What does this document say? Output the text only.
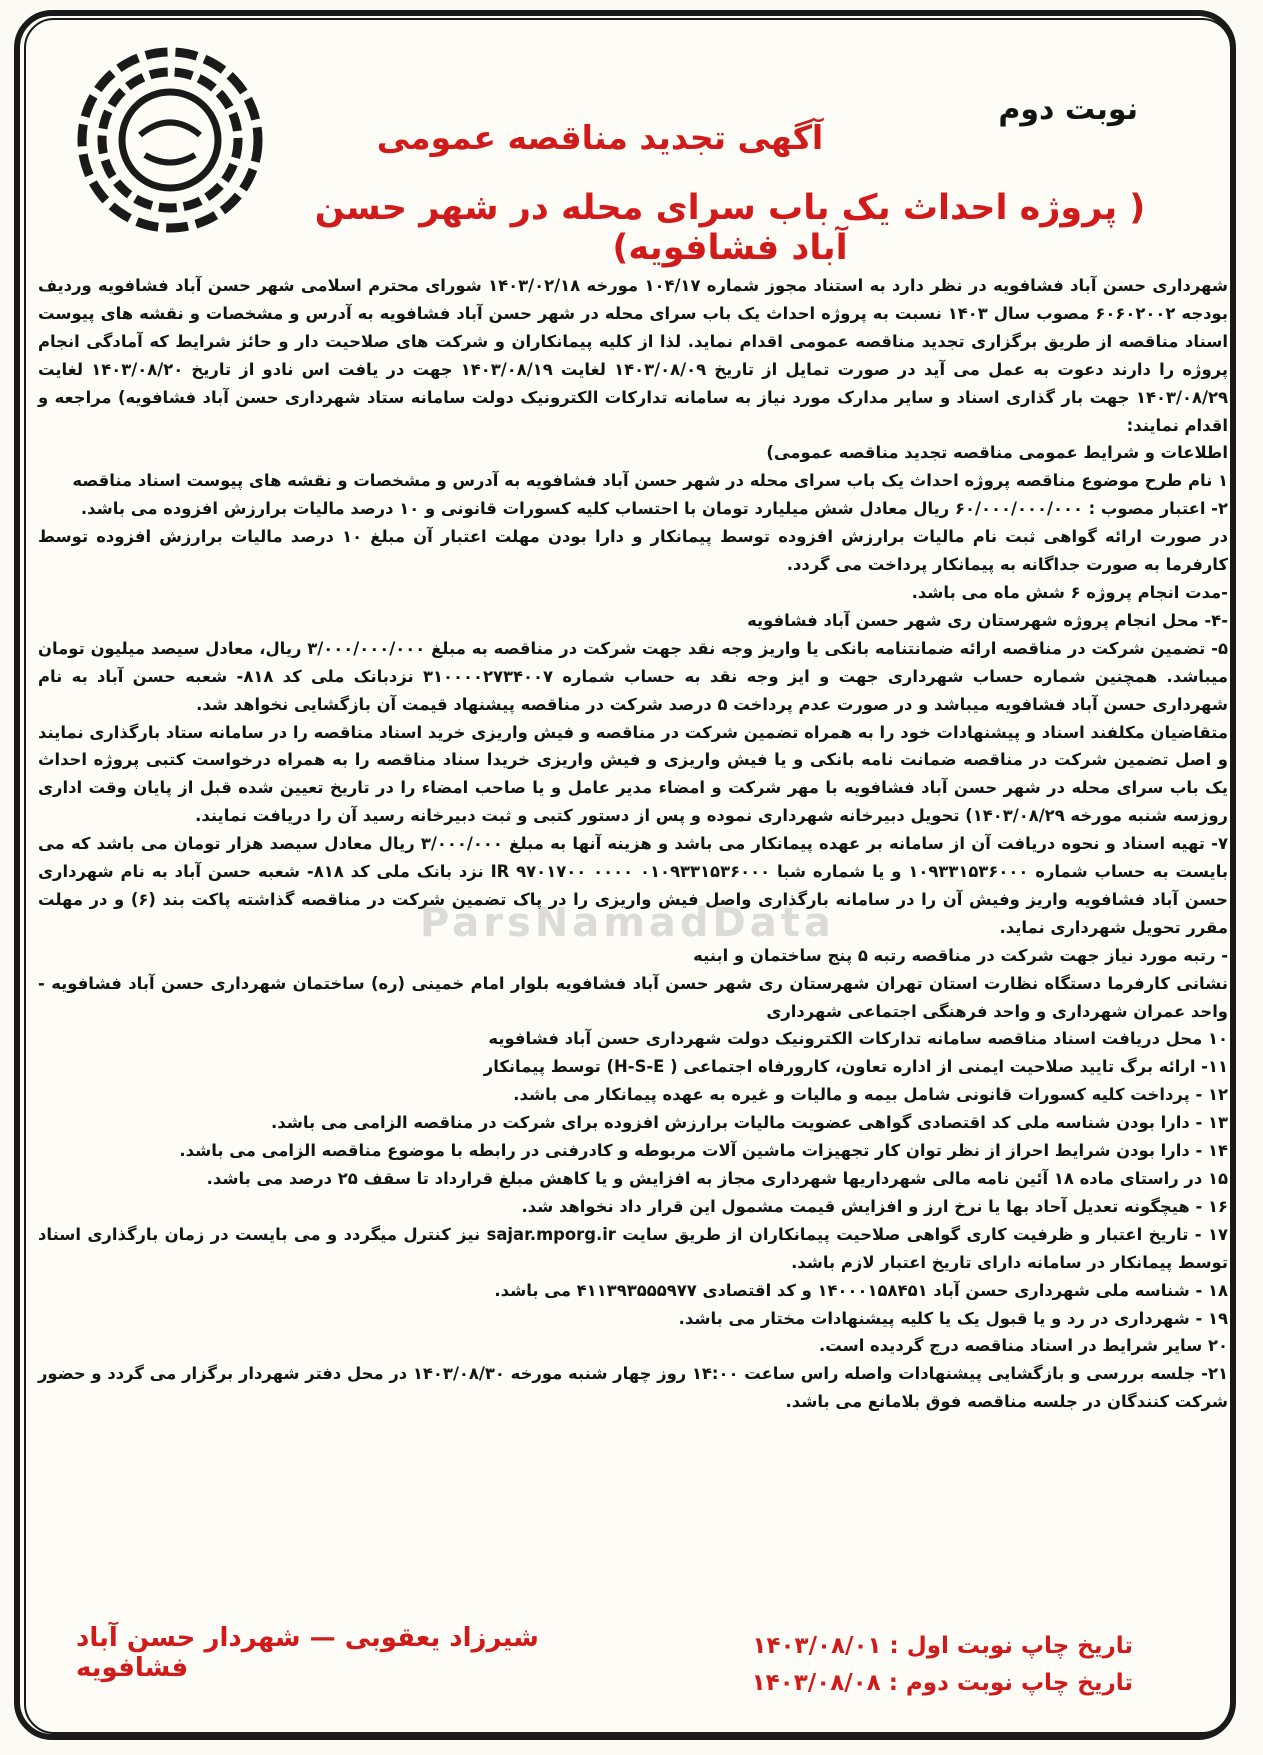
نوبت دوم
آگهی تجدید مناقصه عمومی
( پروژه احداث یک باب سرای محله در شهر حسن آباد فشافویه)

شهرداری حسن آباد فشافویه در نظر دارد به استناد مجوز شماره ۱۰۴/۱۷ مورخه ۱۴۰۳/۰۲/۱۸ شورای محترم اسلامی شهر حسن آباد فشافویه وردیف بودجه ۶۰۶۰۲۰۰۲ مصوب سال ۱۴۰۳ نسبت به پروژه احداث یک باب سرای محله در شهر حسن آباد فشافویه به آدرس و مشخصات و نقشه های پیوست اسناد مناقصه از طریق برگزاری تجدید مناقصه عمومی اقدام نماید. لذا از کلیه پیمانکاران و شرکت های صلاحیت دار و حائز شرایط که آمادگی انجام پروژه را دارند دعوت به عمل می آید در صورت تمایل از تاریخ ۱۴۰۳/۰۸/۰۹ لغایت ۱۴۰۳/۰۸/۱۹ جهت در یافت اس نادو از تاریخ ۱۴۰۳/۰۸/۲۰ لغایت ۱۴۰۳/۰۸/۲۹ جهت بار گذاری اسناد و سایر مدارک مورد نیاز به سامانه تدارکات الکترونیک دولت سامانه ستاد شهرداری حسن آباد فشافویه) مراجعه و اقدام نمایند:

اطلاعات و شرایط عمومی مناقصه تجدید مناقصه عمومی)

۱ نام طرح موضوع مناقصه پروژه احداث یک باب سرای محله در شهر حسن آباد فشافویه به آدرس و مشخصات و نقشه های پیوست اسناد مناقصه

۲- اعتبار مصوب : ۶۰/۰۰۰/۰۰۰/۰۰۰ ریال معادل شش میلیارد تومان با احتساب کلیه کسورات قانونی و ۱۰ درصد مالیات برارزش افزوده می باشد.

در صورت ارائه گواهی ثبت نام مالیات برارزش افزوده توسط پیمانکار و دارا بودن مهلت اعتبار آن مبلغ ۱۰ درصد مالیات برارزش افزوده توسط کارفرما به صورت جداگانه به پیمانکار پرداخت می گردد.

-مدت انجام پروژه ۶ شش ماه می باشد.

-۴- محل انجام پروژه شهرستان ری شهر حسن آباد فشافویه

۵- تضمین شرکت در مناقصه ارائه ضمانتنامه بانکی یا واریز وجه نقد جهت شرکت در مناقصه به مبلغ ۳/۰۰۰/۰۰۰/۰۰۰ ریال، معادل سیصد میلیون تومان میباشد. همچنین شماره حساب شهرداری جهت و ایز وجه نقد به حساب شماره ۳۱۰۰۰۰۲۷۳۴۰۰۷ نزدبانک ملی کد ۸۱۸- شعبه حسن آباد به نام شهرداری حسن آباد فشافویه میباشد و در صورت عدم پرداخت ۵ درصد شرکت در مناقصه پیشنهاد قیمت آن بازگشایی نخواهد شد.

متقاضیان مکلفند اسناد و پیشنهادات خود را به همراه تضمین شرکت در مناقصه و فیش واریزی خرید اسناد مناقصه را در سامانه ستاد بارگذاری نمایند و اصل تضمین شرکت در مناقصه ضمانت نامه بانکی و یا فیش واریزی و فیش واریزی خریدا سناد مناقصه را به همراه درخواست کتبی پروژه احداث یک باب سرای محله در شهر حسن آباد فشافویه با مهر شرکت و امضاء مدیر عامل و یا صاحب امضاء را در تاریخ تعیین شده قبل از پایان وقت اداری روزسه شنبه مورخه ۱۴۰۳/۰۸/۲۹) تحویل دبیرخانه شهرداری نموده و پس از دستور کتبی و ثبت دبیرخانه رسید آن را دریافت نمایند.

۷- تهیه اسناد و نحوه دریافت آن از سامانه بر عهده پیمانکار می باشد و هزینه آنها به مبلغ ۳/۰۰۰/۰۰۰ ریال معادل سیصد هزار تومان می باشد که می بایست به حساب شماره ۱۰۹۳۳۱۵۳۶۰۰۰ و یا شماره شبا ۰۱۰۹۳۳۱۵۳۶۰۰۰ ۰۰۰۰ IR ۹۷۰۱۷۰۰ نزد بانک ملی کد ۸۱۸- شعبه حسن آباد به نام شهرداری حسن آباد فشافویه واریز وفیش آن را در سامانه بارگذاری واصل فیش واریزی را در پاک تضمین شرکت در مناقصه گذاشته پاکت بند (۶) و در مهلت مقرر تحویل شهرداری نماید.

- رتبه مورد نیاز جهت شرکت در مناقصه رتبه ۵ پنج ساختمان و ابنیه

نشانی کارفرما دستگاه نظارت استان تهران شهرستان ری شهر حسن آباد فشافویه بلوار امام خمینی (ره) ساختمان شهرداری حسن آباد فشافویه - واحد عمران شهرداری و واحد فرهنگی اجتماعی شهرداری

۱۰ محل دریافت اسناد مناقصه سامانه تدارکات الکترونیک دولت شهرداری حسن آباد فشافویه

۱۱- ارائه برگ تایید صلاحیت ایمنی از اداره تعاون، کارورفاه اجتماعی ( H-S-E) توسط پیمانکار

۱۲ - پرداخت کلیه کسورات قانونی شامل بیمه و مالیات و غیره به عهده پیمانکار می باشد.

۱۳ - دارا بودن شناسه ملی کد اقتصادی گواهی عضویت مالیات برارزش افزوده برای شرکت در مناقصه الزامی می باشد.

۱۴ - دارا بودن شرایط احراز از نظر توان کار تجهیزات ماشین آلات مربوطه و کادرفنی در رابطه با موضوع مناقصه الزامی می باشد.

۱۵ در راستای ماده ۱۸ آئین نامه مالی شهرداریها شهرداری مجاز به افزایش و یا کاهش مبلغ قرارداد تا سقف ۲۵ درصد می باشد.

۱۶ - هیچگونه تعدیل آحاد بها یا نرخ ارز و افزایش قیمت مشمول این قرار داد نخواهد شد.

۱۷ - تاریخ اعتبار و ظرفیت کاری گواهی صلاحیت پیمانکاران از طریق سایت sajar.mporg.ir نیز کنترل میگردد و می بایست در زمان بارگذاری اسناد توسط پیمانکار در سامانه دارای تاریخ اعتبار لازم باشد.

۱۸ - شناسه ملی شهرداری حسن آباد ۱۴۰۰۰۱۵۸۴۵۱ و کد اقتصادی ۴۱۱۳۹۳۵۵۵۹۷۷ می باشد.

۱۹ - شهرداری در رد و یا قبول یک یا کلیه پیشنهادات مختار می باشد.

۲۰ سایر شرایط در اسناد مناقصه درج گردیده است.

۲۱- جلسه بررسی و بازگشایی پیشنهادات واصله راس ساعت ۱۴:۰۰ روز چهار شنبه مورخه ۱۴۰۳/۰۸/۳۰ در محل دفتر شهردار برگزار می گردد و حضور شرکت کنندگان در جلسه مناقصه فوق بلامانع می باشد.

ParsNamadData
شیرزاد یعقوبی — شهردار حسن آباد فشافویه
تاریخ چاپ نوبت اول : ۱۴۰۳/۰۸/۰۱
تاریخ چاپ نوبت دوم : ۱۴۰۳/۰۸/۰۸
